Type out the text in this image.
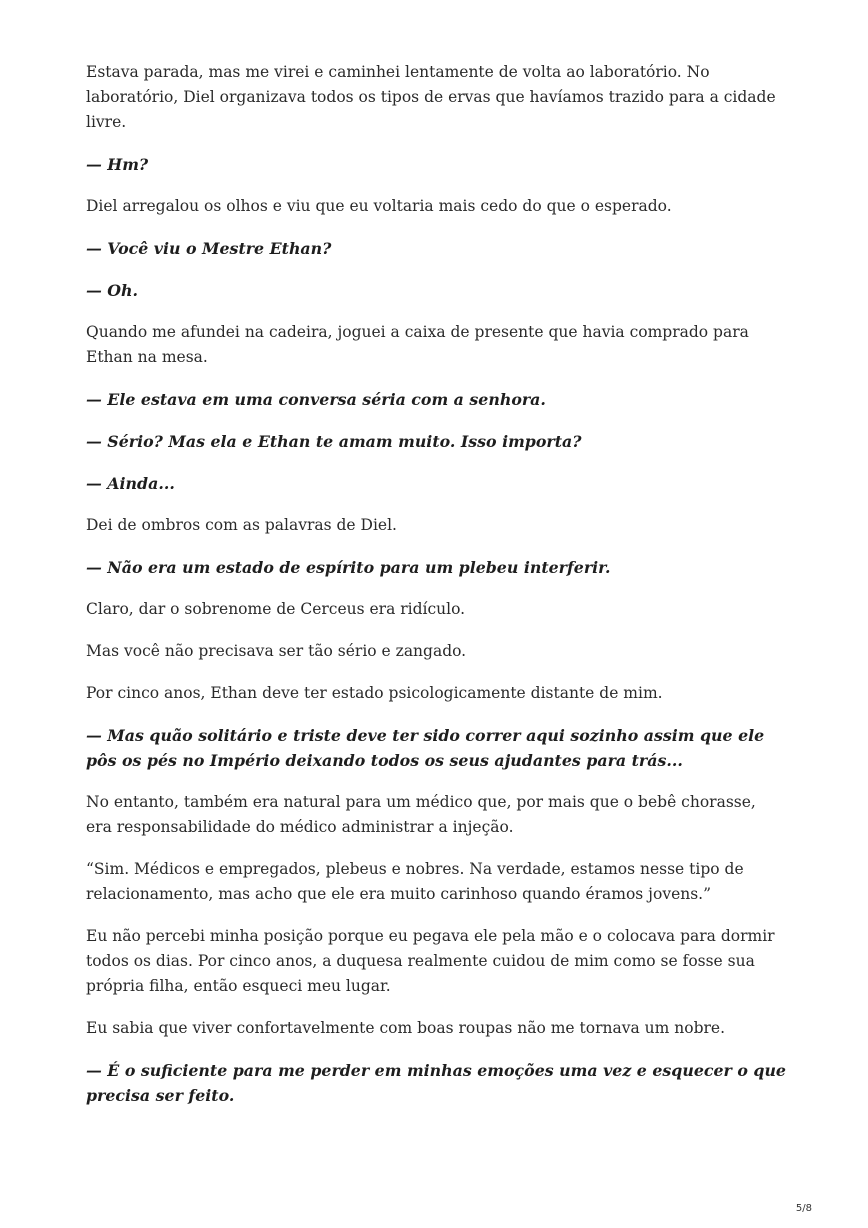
Estava parada, mas me virei e caminhei lentamente de volta ao laboratório. No laboratório, Diel organizava todos os tipos de ervas que havíamos trazido para a cidade livre.

— Hm?

Diel arregalou os olhos e viu que eu voltaria mais cedo do que o esperado.

— Você viu o Mestre Ethan?

— Oh.

Quando me afundei na cadeira, joguei a caixa de presente que havia comprado para Ethan na mesa.

— Ele estava em uma conversa séria com a senhora.

— Sério? Mas ela e Ethan te amam muito. Isso importa?

— Ainda...

Dei de ombros com as palavras de Diel.

— Não era um estado de espírito para um plebeu interferir.

Claro, dar o sobrenome de Cerceus era ridículo.

Mas você não precisava ser tão sério e zangado.

Por cinco anos, Ethan deve ter estado psicologicamente distante de mim.

— Mas quão solitário e triste deve ter sido correr aqui sozinho assim que ele pôs os pés no Império deixando todos os seus ajudantes para trás...

No entanto, também era natural para um médico que, por mais que o bebê chorasse, era responsabilidade do médico administrar a injeção.

“Sim. Médicos e empregados, plebeus e nobres. Na verdade, estamos nesse tipo de relacionamento, mas acho que ele era muito carinhoso quando éramos jovens.”

Eu não percebi minha posição porque eu pegava ele pela mão e o colocava para dormir todos os dias. Por cinco anos, a duquesa realmente cuidou de mim como se fosse sua própria filha, então esqueci meu lugar.

Eu sabia que viver confortavelmente com boas roupas não me tornava um nobre.

— É o suficiente para me perder em minhas emoções uma vez e esquecer o que precisa ser feito.

5/8
